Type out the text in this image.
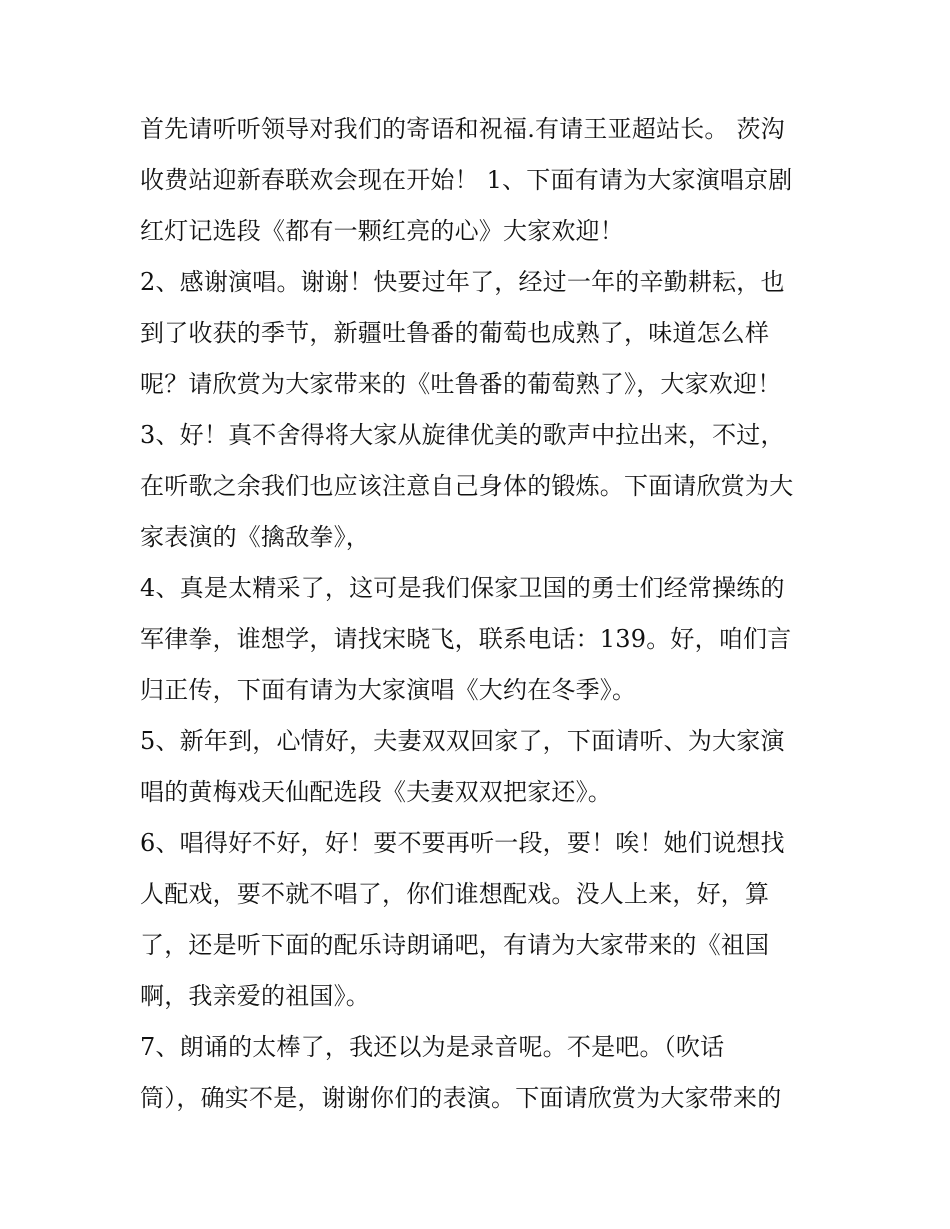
首先请听听领导对我们的寄语和祝福.有请王亚超站长。 茨沟
收费站迎新春联欢会现在开始！ 1、下面有请为大家演唱京剧
红灯记选段《都有一颗红亮的心》大家欢迎！
2、感谢演唱。谢谢！快要过年了，经过一年的辛勤耕耘，也
到了收获的季节，新疆吐鲁番的葡萄也成熟了，味道怎么样
呢？请欣赏为大家带来的《吐鲁番的葡萄熟了》，大家欢迎！
3、好！真不舍得将大家从旋律优美的歌声中拉出来，不过，
在听歌之余我们也应该注意自己身体的锻炼。下面请欣赏为大
家表演的《擒敌拳》，
4、真是太精采了，这可是我们保家卫国的勇士们经常操练的
军律拳，谁想学，请找宋晓飞，联系电话：139。好，咱们言
归正传，下面有请为大家演唱《大约在冬季》。
5、新年到，心情好，夫妻双双回家了，下面请听、为大家演
唱的黄梅戏天仙配选段《夫妻双双把家还》。
6、唱得好不好，好！要不要再听一段，要！唉！她们说想找
人配戏，要不就不唱了，你们谁想配戏。没人上来，好，算
了，还是听下面的配乐诗朗诵吧，有请为大家带来的《祖国
啊，我亲爱的祖国》。
7、朗诵的太棒了，我还以为是录音呢。不是吧。（吹话
筒），确实不是，谢谢你们的表演。下面请欣赏为大家带来的
